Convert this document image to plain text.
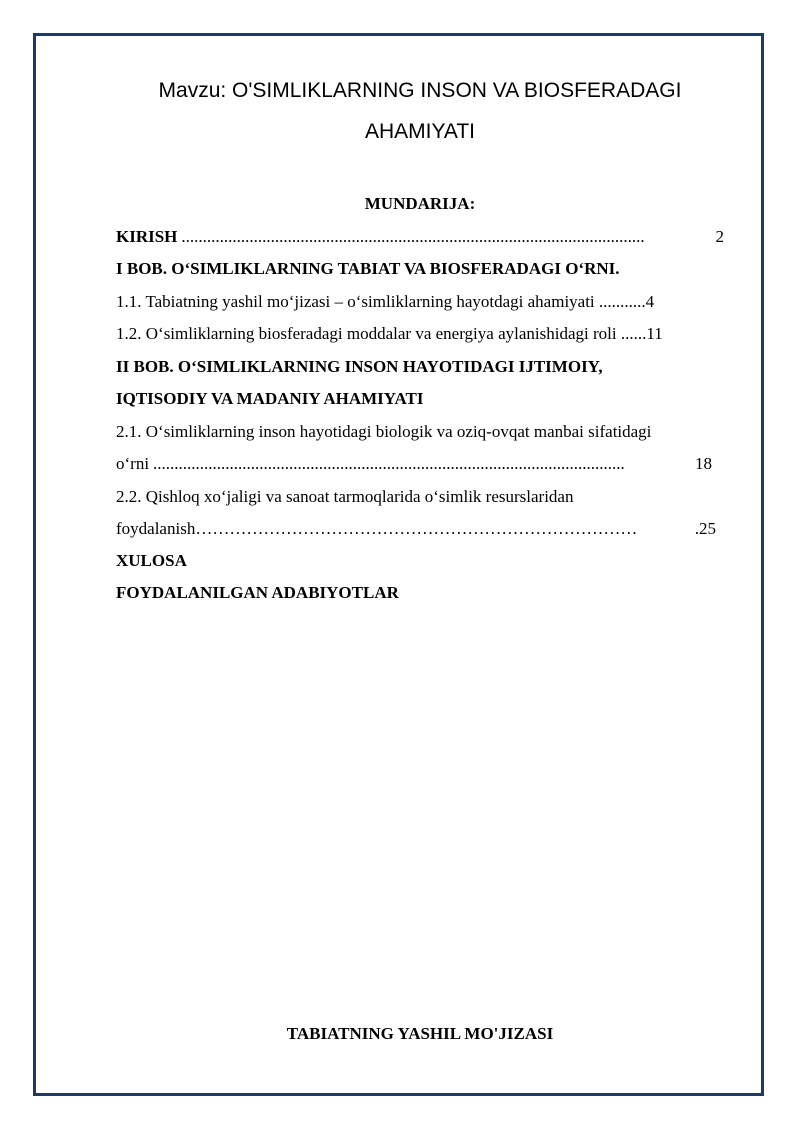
Mavzu: O'SIMLIKLARNING INSON VA BIOSFERADAGI
AHAMIYATI
MUNDARIJA:
KIRISH .............................................................................................................	2
I BOB. O‘SIMLIKLARNING TABIAT VA BIOSFERADAGI O‘RNI.
1.1. Tabiatning yashil mo‘jizasi – o‘simliklarning hayotdagi ahamiyati ...........4
1.2. O‘simliklarning biosferadagi moddalar va energiya aylanishidagi roli ......11
II BOB. O‘SIMLIKLARNING INSON HAYOTIDAGI IJTIMOIY,
IQTISODIY VA MADANIY AHAMIYATI
2.1. O‘simliklarning inson hayotidagi biologik va oziq-ovqat manbai sifatidagi
o‘rni ...............................................................................................................	18
2.2. Qishloq xo‘jaligi va sanoat tarmoqlarida o‘simlik resurslaridan
foydalanish ……………………………………………………………………	.25
XULOSA
FOYDALANILGAN ADABIYOTLAR
TABIATNING YASHIL MO'JIZASI
